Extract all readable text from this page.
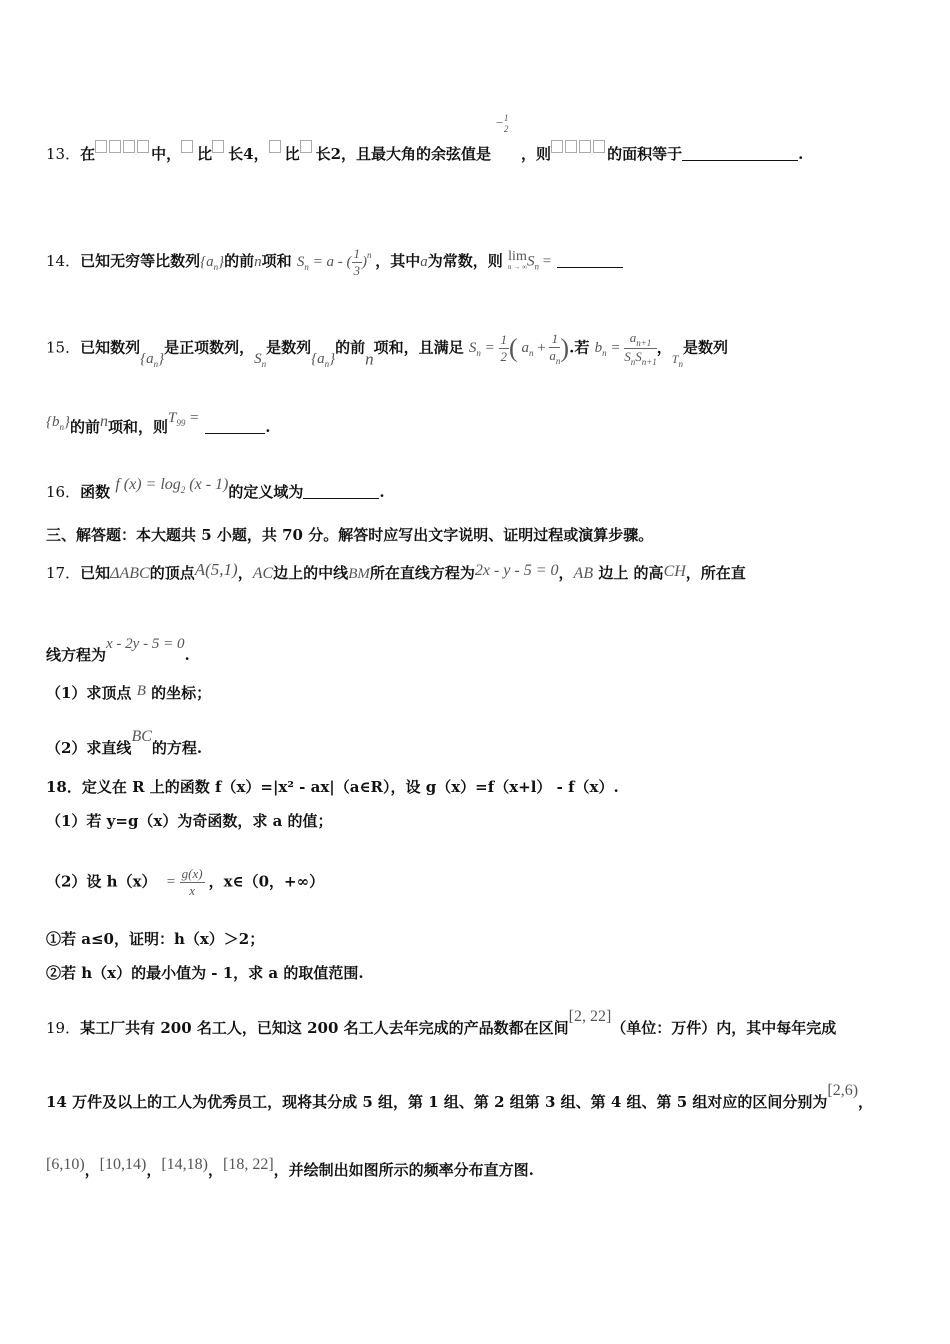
13．在	中， 比 长4， 比 长2，且最大角的余弦值是
− 1
2
，则	的面积等于	.
14．已知无穷等比数列$\{a_n\}$的前n项和 $S_n = a$ - ( $\frac{1}{3} )^n$ ，其中a为常数，则 lim
n → ∞ $S_n$ =
15．已知数列$\{a_n\}$是正项数列，$S_n$是数列$\{a_n\}$的前n项和，且满足 $S_n = \frac{1}{2}$ ( $a_n + \frac{1}{a_n}$ ).若 $b_n = \frac{a_{n+1}}{S_nS_{n+1}}$ ，$_{T_n}$是数列
$\{b_n\}$的前n项和，则$T_{99}$ =	.
16．函数 f $(x) = \log_2 (x - 1)$的定义域为	.
三、解答题：本大题共 5 小题，共 70 分。解答时应写出文字说明、证明过程或演算步骤。
17．已知ΔABC的顶点A(5,1)，AC边上的中线BM所在直线方程为2x - y - 5 = 0，AB 边上 的高CH，所在直
线方程为x - 2y - 5 = 0.
（1）求顶点 B 的坐标；
（2）求直线BC的方程.
18．定义在 R 上的函数 f（x）=|x² - ax|（a∈R），设 g（x）=f（x+l） - f（x）.
（1）若 y=g（x）为奇函数，求 a 的值；
（2）设 $h(x) = \frac{g(x)}{x}$ ，x∈（0，+∞）
①若 a≤0，证明：h（x）＞2；
②若 h（x）的最小值为 - 1，求 a 的取值范围.
19．某工厂共有 200 名工人，已知这 200 名工人去年完成的产品数都在区间[2, 22]（单位：万件）内，其中每年完成
14 万件及以上的工人为优秀员工，现将其分成 5 组，第 1 组、第 2 组第 3 组、第 4 组、第 5 组对应的区间分别为[2,6)，
[6,10)，[10,14)，[14,18)，[18, 22]，并绘制出如图所示的频率分布直方图.
